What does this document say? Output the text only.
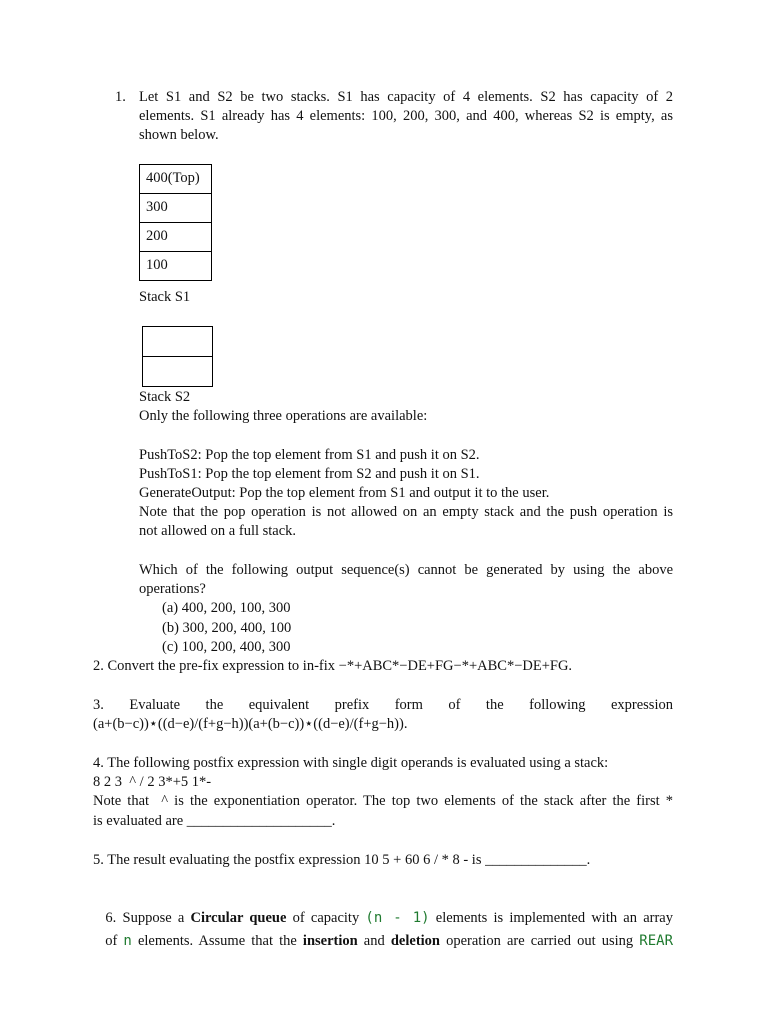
1. Let S1 and S2 be two stacks. S1 has capacity of 4 elements. S2 has capacity of 2
elements. S1 already has 4 elements: 100, 200, 300, and 400, whereas S2 is empty, as
shown below.
400(Top)
300
200
100
Stack S1

Stack S2
Only the following three operations are available:
PushToS2: Pop the top element from S1 and push it on S2.
PushToS1: Pop the top element from S2 and push it on S1.
GenerateOutput: Pop the top element from S1 and output it to the user.
Note that the pop operation is not allowed on an empty stack and the push operation is
not allowed on a full stack.
Which of the following output sequence(s) cannot be generated by using the above
operations?
(a) 400, 200, 100, 300
(b) 300, 200, 400, 100
(c) 100, 200, 400, 300
2. Convert the pre-fix expression to in-fix −*+ABC*−DE+FG−*+ABC*−DE+FG.
3. Evaluate the equivalent prefix form of the following expression
(a+(b−c))⋆((d−e)/(f+g−h))(a+(b−c))⋆((d−e)/(f+g−h)).
4. The following postfix expression with single digit operands is evaluated using a stack:
8 2 3  ^ / 2 3*+5 1*-
Note that  ^ is the exponentiation operator. The top two elements of the stack after the first *
is evaluated are ____________________.
5. The result evaluating the postfix expression 10 5 + 60 6 / * 8 - is ______________.

6. Suppose a Circular queue of capacity (n - 1) elements is implemented with an array

of n elements. Assume that the insertion and deletion operation are carried out using REAR
